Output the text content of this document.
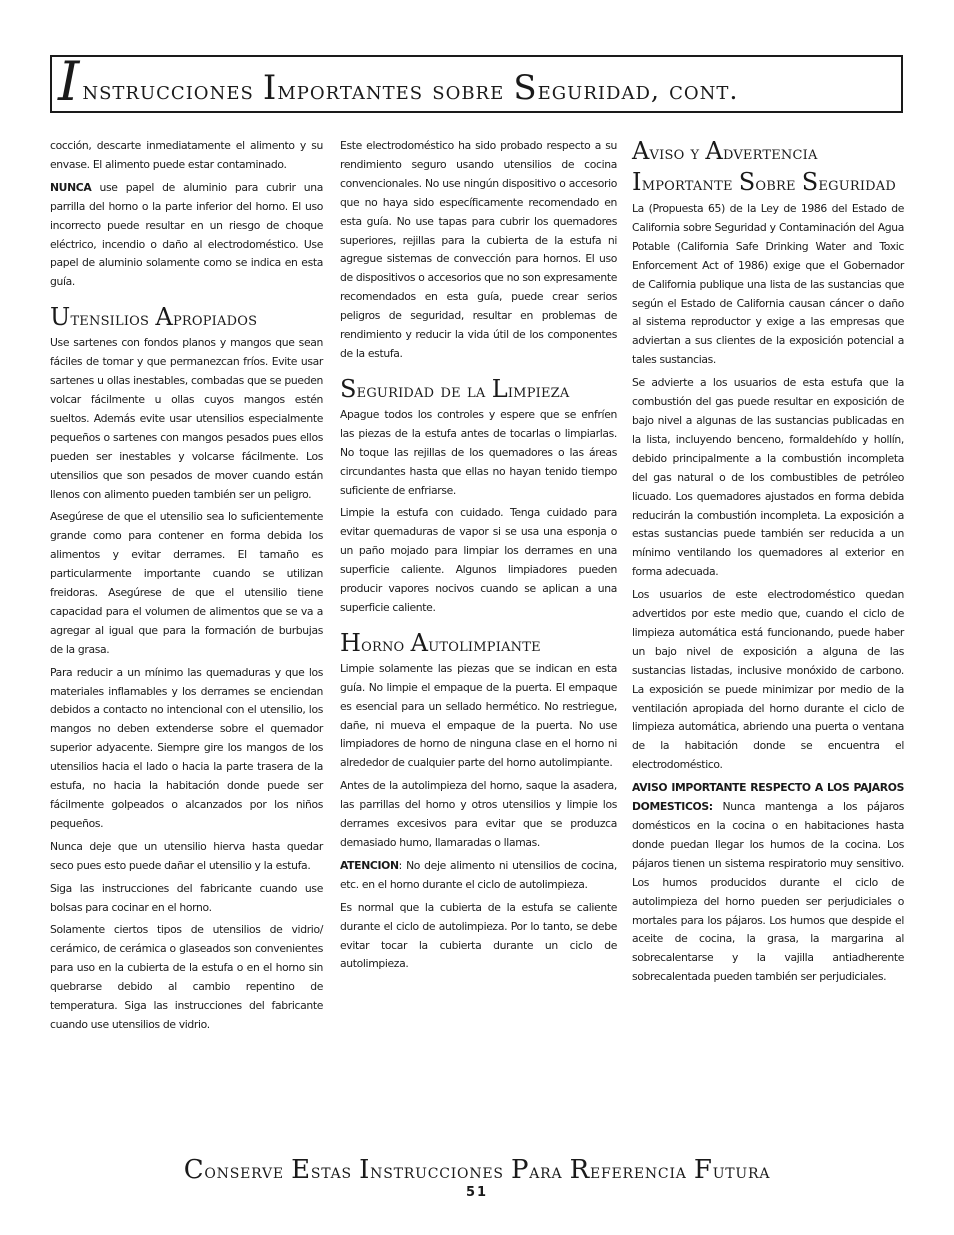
Instrucciones Importantes sobre Seguridad, cont.

cocción, descarte inmediatamente el alimento y su envase. El alimento puede estar contaminado.

NUNCA use papel de aluminio para cubrir una parrilla del horno o la parte inferior del horno. El uso incorrecto puede resultar en un riesgo de choque eléctrico, incendio o daño al electrodoméstico. Use papel de aluminio solamente como se indica en esta guía.

Utensilios Apropiados

Use sartenes con fondos planos y mangos que sean fáciles de tomar y que permanezcan fríos. Evite usar sartenes u ollas inestables, combadas que se pueden volcar fácilmente u ollas cuyos mangos estén sueltos. Además evite usar utensilios especialmente pequeños o sartenes con mangos pesados pues ellos pueden ser inestables y volcarse fácilmente. Los utensilios que son pesados de mover cuando están llenos con alimento pueden también ser un peligro.

Asegúrese de que el utensilio sea lo suficientemente grande como para contener en forma debida los alimentos y evitar derrames. El tamaño es particularmente importante cuando se utilizan freidoras. Asegúrese de que el utensilio tiene capacidad para el volumen de alimentos que se va a agregar al igual que para la formación de burbujas de la grasa.

Para reducir a un mínimo las quemaduras y que los materiales inflamables y los derrames se enciendan debidos a contacto no intencional con el utensilio, los mangos no deben extenderse sobre el quemador superior adyacente. Siempre gire los mangos de los utensilios hacia el lado o hacia la parte trasera de la estufa, no hacia la habitación donde puede ser fácilmente golpeados o alcanzados por los niños pequeños.

Nunca deje que un utensilio hierva hasta quedar seco pues esto puede dañar el utensilio y la estufa.

Siga las instrucciones del fabricante cuando use bolsas para cocinar en el horno.

Solamente ciertos tipos de utensilios de vidrio/ cerámico, de cerámica o glaseados son convenientes para uso en la cubierta de la estufa o en el horno sin quebrarse debido al cambio repentino de temperatura. Siga las instrucciones del fabricante cuando use utensilios de vidrio.

Este electrodoméstico ha sido probado respecto a su rendimiento seguro usando utensilios de cocina convencionales. No use ningún dispositivo o accesorio que no haya sido específicamente recomendado en esta guía. No use tapas para cubrir los quemadores superiores, rejillas para la cubierta de la estufa ni agregue sistemas de convección para hornos. El uso de dispositivos o accesorios que no son expresamente recomendados en esta guía, puede crear serios peligros de seguridad, resultar en problemas de rendimiento y reducir la vida útil de los componentes de la estufa.

Seguridad de la Limpieza

Apague todos los controles y espere que se enfríen las piezas de la estufa antes de tocarlas o limpiarlas. No toque las rejillas de los quemadores o las áreas circundantes hasta que ellas no hayan tenido tiempo suficiente de enfriarse.

Limpie la estufa con cuidado. Tenga cuidado para evitar quemaduras de vapor si se usa una esponja o un paño mojado para limpiar los derrames en una superficie caliente. Algunos limpiadores pueden producir vapores nocivos cuando se aplican a una superficie caliente.

Horno Autolimpiante

Limpie solamente las piezas que se indican en esta guía. No limpie el empaque de la puerta. El empaque es esencial para un sellado hermético. No restriegue, dañe, ni mueva el empaque de la puerta. No use limpiadores de horno de ninguna clase en el horno ni alrededor de cualquier parte del horno autolimpiante.

Antes de la autolimpieza del horno, saque la asadera, las parrillas del horno y otros utensilios y limpie los derrames excesivos para evitar que se produzca demasiado humo, llamaradas o llamas.

ATENCION: No deje alimento ni utensilios de cocina, etc. en el horno durante el ciclo de autolimpieza.

Es normal que la cubierta de la estufa se caliente durante el ciclo de autolimpieza. Por lo tanto, se debe evitar tocar la cubierta durante un ciclo de autolimpieza.

Aviso y Advertencia Importante Sobre Seguridad

La (Propuesta 65) de la Ley de 1986 del Estado de California sobre Seguridad y Contaminación del Agua Potable (California Safe Drinking Water and Toxic Enforcement Act of 1986) exige que el Gobernador de California publique una lista de las sustancias que según el Estado de California causan cáncer o daño al sistema reproductor y exige a las empresas que adviertan a sus clientes de la exposición potencial a tales sustancias.

Se advierte a los usuarios de esta estufa que la combustión del gas puede resultar en exposición de bajo nivel a algunas de las sustancias publicadas en la lista, incluyendo benceno, formaldehído y hollín, debido principalmente a la combustión incompleta del gas natural o de los combustibles de petróleo licuado. Los quemadores ajustados en forma debida reducirán la combustión incompleta. La exposición a estas sustancias puede también ser reducida a un mínimo ventilando los quemadores al exterior en forma adecuada.

Los usuarios de este electrodoméstico quedan advertidos por este medio que, cuando el ciclo de limpieza automática está funcionando, puede haber un bajo nivel de exposición a alguna de las sustancias listadas, inclusive monóxido de carbono. La exposición se puede minimizar por medio de la ventilación apropiada del horno durante el ciclo de limpieza automática, abriendo una puerta o ventana de la habitación donde se encuentra el electrodoméstico.

AVISO IMPORTANTE RESPECTO A LOS PAJAROS DOMESTICOS: Nunca mantenga a los pájaros domésticos en la cocina o en habitaciones hasta donde puedan llegar los humos de la cocina. Los pájaros tienen un sistema respiratorio muy sensitivo. Los humos producidos durante el ciclo de autolimpieza del horno pueden ser perjudiciales o mortales para los pájaros. Los humos que despide el aceite de cocina, la grasa, la margarina al sobrecalentarse y la vajilla antiadherente sobrecalentada pueden también ser perjudiciales.

Conserve Estas Instrucciones Para Referencia Futura
51
